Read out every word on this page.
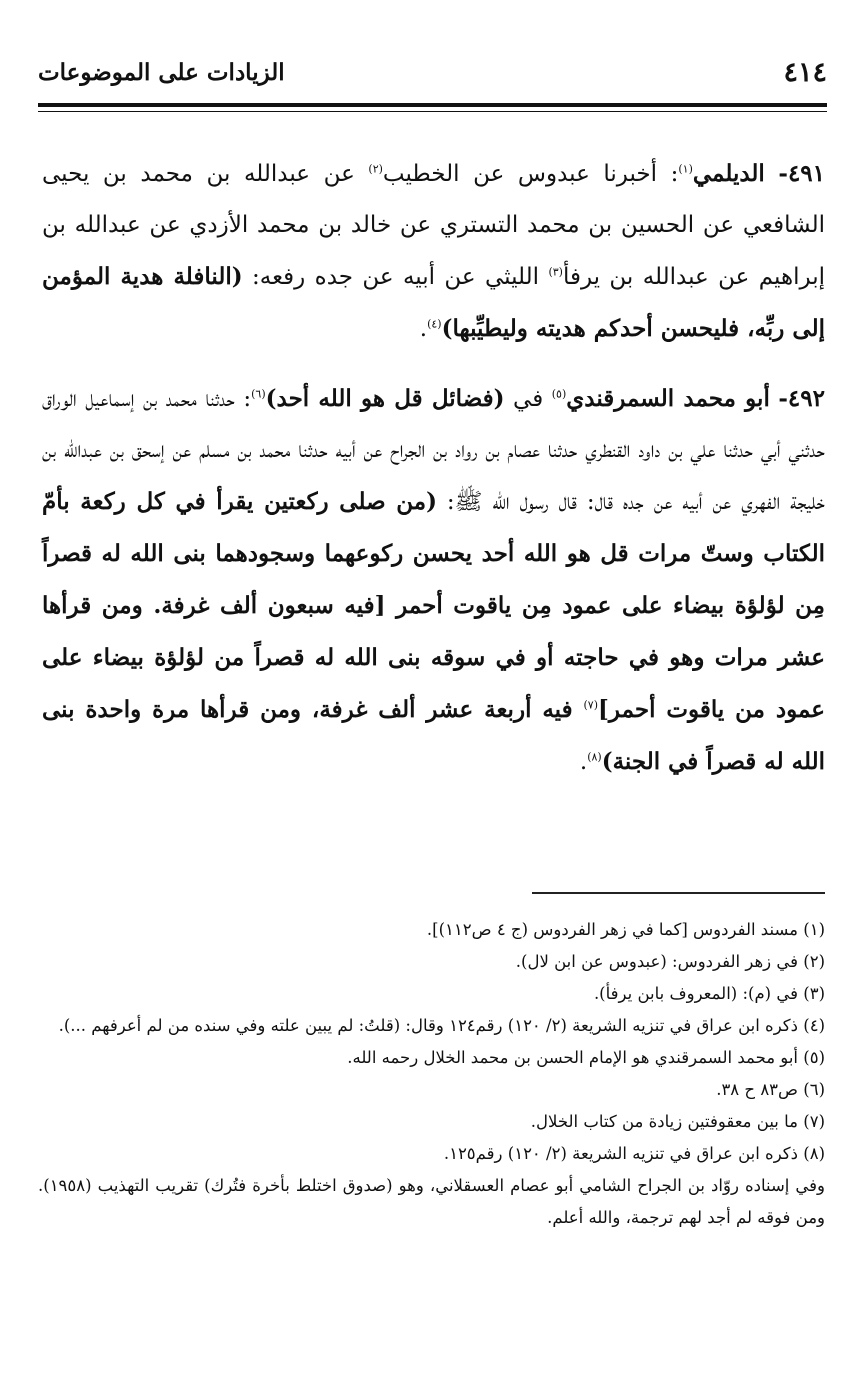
٤١٤
الزيادات على الموضوعات

٤٩١- الديلمي$^{(١)}$: أخبرنا عبدوس عن الخطيب$^{(٢)}$ عن عبدالله بن محمد بن يحيى الشافعي عن الحسين بن محمد التستري عن خالد بن محمد الأزدي عن عبدالله بن إبراهيم عن عبدالله بن يرفأ$^{(٣)}$ الليثي عن أبيه عن جده رفعه: (النافلة هدية المؤمن إلى ربِّه، فليحسن أحدكم هديته وليطيِّبها)$^{(٤)}$.

٤٩٢- أبو محمد السمرقندي$^{(٥)}$ في (فضائل قل هو الله أحد)$^{(٦)}$: حدثنا محمد بن إسماعيل الوراق حدثني أبي حدثنا علي بن داود القنطري حدثنا عصام بن رواد بن الجراح عن أبيه حدثنا محمد بن مسلم عن إسحق بن عبدالله بن خليجة الفهري عن أبيه عن جده قال: قال رسول الله ﷺ: (من صلى ركعتين يقرأ في كل ركعة بأمّ الكتاب وستّ مرات قل هو الله أحد يحسن ركوعهما وسجودهما بنى الله له قصراً مِن لؤلؤة بيضاء على عمود مِن ياقوت أحمر [فيه سبعون ألف غرفة. ومن قرأها عشر مرات وهو في حاجته أو في سوقه بنى الله له قصراً من لؤلؤة بيضاء على عمود من ياقوت أحمر]$^{(٧)}$ فيه أربعة عشر ألف غرفة، ومن قرأها مرة واحدة بنى الله له قصراً في الجنة)$^{(٨)}$.

(١) مسند الفردوس [كما في زهر الفردوس (ج ٤ ص١١٢)].

(٢) في زهر الفردوس: (عبدوس عن ابن لال).

(٣) في (م): (المعروف بابن يرفأ).

(٤) ذكره ابن عراق في تنزيه الشريعة (٢/ ١٢٠) رقم١٢٤ وقال: (قلتُ: لم يبين علته وفي سنده من لم أعرفهم ...).

(٥) أبو محمد السمرقندي هو الإمام الحسن بن محمد الخلال رحمه الله.

(٦) ص٨٣ ح ٣٨.

(٧) ما بين معقوفتين زيادة من كتاب الخلال.

(٨) ذكره ابن عراق في تنزيه الشريعة (٢/ ١٢٠) رقم١٢٥.

وفي إسناده روّاد بن الجراح الشامي أبو عصام العسقلاني، وهو (صدوق اختلط بأخرة فتُرك) تقريب التهذيب (١٩٥٨). ومن فوقه لم أجد لهم ترجمة، والله أعلم.
